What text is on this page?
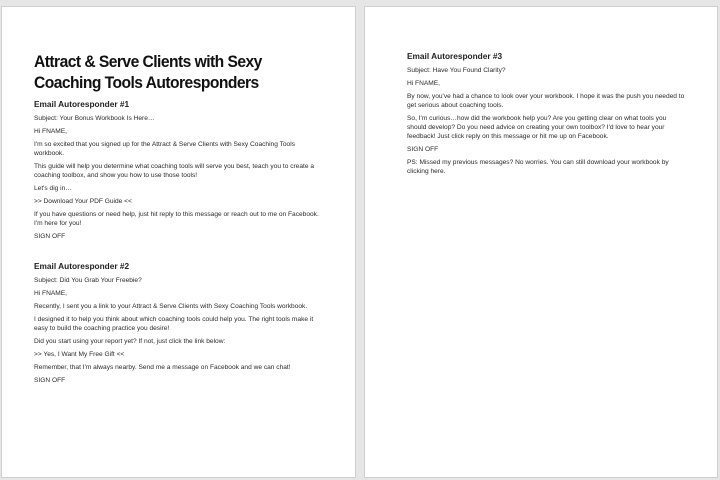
Attract & Serve Clients with Sexy Coaching Tools Autoresponders
Email Autoresponder #1

Subject: Your Bonus Workbook Is Here…

Hi FNAME,

I'm so excited that you signed up for the Attract & Serve Clients with Sexy Coaching Tools workbook.

This guide will help you determine what coaching tools will serve you best, teach you to create a coaching toolbox, and show you how to use those tools!

Let's dig in…

>> Download Your PDF Guide <<

If you have questions or need help, just hit reply to this message or reach out to me on Facebook. I'm here for you!

SIGN OFF

Email Autoresponder #2

Subject: Did You Grab Your Freebie?

Hi FNAME,

Recently, I sent you a link to your Attract & Serve Clients with Sexy Coaching Tools workbook.

I designed it to help you think about which coaching tools could help you. The right tools make it easy to build the coaching practice you desire!

Did you start using your report yet? If not, just click the link below:

>> Yes, I Want My Free Gift <<

Remember, that I'm always nearby. Send me a message on Facebook and we can chat!

SIGN OFF

Email Autoresponder #3

Subject: Have You Found Clarity?

Hi FNAME,

By now, you've had a chance to look over your workbook. I hope it was the push you needed to get serious about coaching tools.

So, I'm curious…how did the workbook help you? Are you getting clear on what tools you should develop? Do you need advice on creating your own toolbox? I'd love to hear your feedback! Just click reply on this message or hit me up on Facebook.

SIGN OFF

PS: Missed my previous messages? No worries. You can still download your workbook by clicking here.
